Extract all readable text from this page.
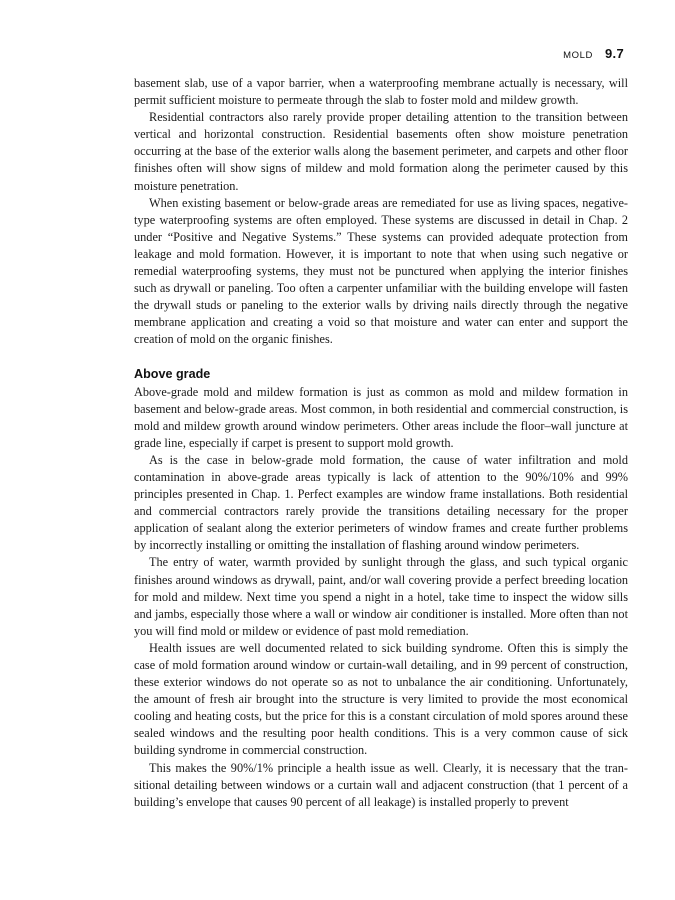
MOLD 9.7

basement slab, use of a vapor barrier, when a waterproofing membrane actually is necessary, will permit sufficient moisture to permeate through the slab to foster mold and mildew growth.

Residential contractors also rarely provide proper detailing attention to the transition between vertical and horizontal construction. Residential basements often show moisture penetration occurring at the base of the exterior walls along the basement perimeter, and carpets and other floor finishes often will show signs of mildew and mold formation along the perimeter caused by this moisture penetration.

When existing basement or below-grade areas are remediated for use as living spaces, negative-type waterproofing systems are often employed. These systems are discussed in detail in Chap. 2 under “Positive and Negative Systems.” These systems can provided adequate protection from leakage and mold formation. However, it is important to note that when using such negative or remedial waterproofing systems, they must not be punctured when applying the interior finishes such as drywall or paneling. Too often a carpenter unfamiliar with the building envelope will fasten the drywall studs or paneling to the exterior walls by driving nails directly through the negative membrane application and creating a void so that moisture and water can enter and support the creation of mold on the organic finishes.

Above grade

Above-grade mold and mildew formation is just as common as mold and mildew formation in basement and below-grade areas. Most common, in both residential and commercial construction, is mold and mildew growth around window perimeters. Other areas include the floor–wall juncture at grade line, especially if carpet is present to support mold growth.

As is the case in below-grade mold formation, the cause of water infiltration and mold contamination in above-grade areas typically is lack of attention to the 90%/10% and 99% principles presented in Chap. 1. Perfect examples are window frame installations. Both residential and commercial contractors rarely provide the transitions detailing necessary for the proper application of sealant along the exterior perimeters of window frames and create further problems by incorrectly installing or omitting the installation of flashing around window perimeters.

The entry of water, warmth provided by sunlight through the glass, and such typical organic finishes around windows as drywall, paint, and/or wall covering provide a perfect breeding location for mold and mildew. Next time you spend a night in a hotel, take time to inspect the widow sills and jambs, especially those where a wall or window air conditioner is installed. More often than not you will find mold or mildew or evidence of past mold remediation.

Health issues are well documented related to sick building syndrome. Often this is simply the case of mold formation around window or curtain-wall detailing, and in 99 percent of construction, these exterior windows do not operate so as not to unbalance the air conditioning. Unfortunately, the amount of fresh air brought into the structure is very limited to provide the most economical cooling and heating costs, but the price for this is a constant circulation of mold spores around these sealed windows and the resulting poor health conditions. This is a very common cause of sick building syndrome in commercial construction.

This makes the 90%/1% principle a health issue as well. Clearly, it is necessary that the transitional detailing between windows or a curtain wall and adjacent construction (that 1 percent of a building’s envelope that causes 90 percent of all leakage) is installed properly to prevent
